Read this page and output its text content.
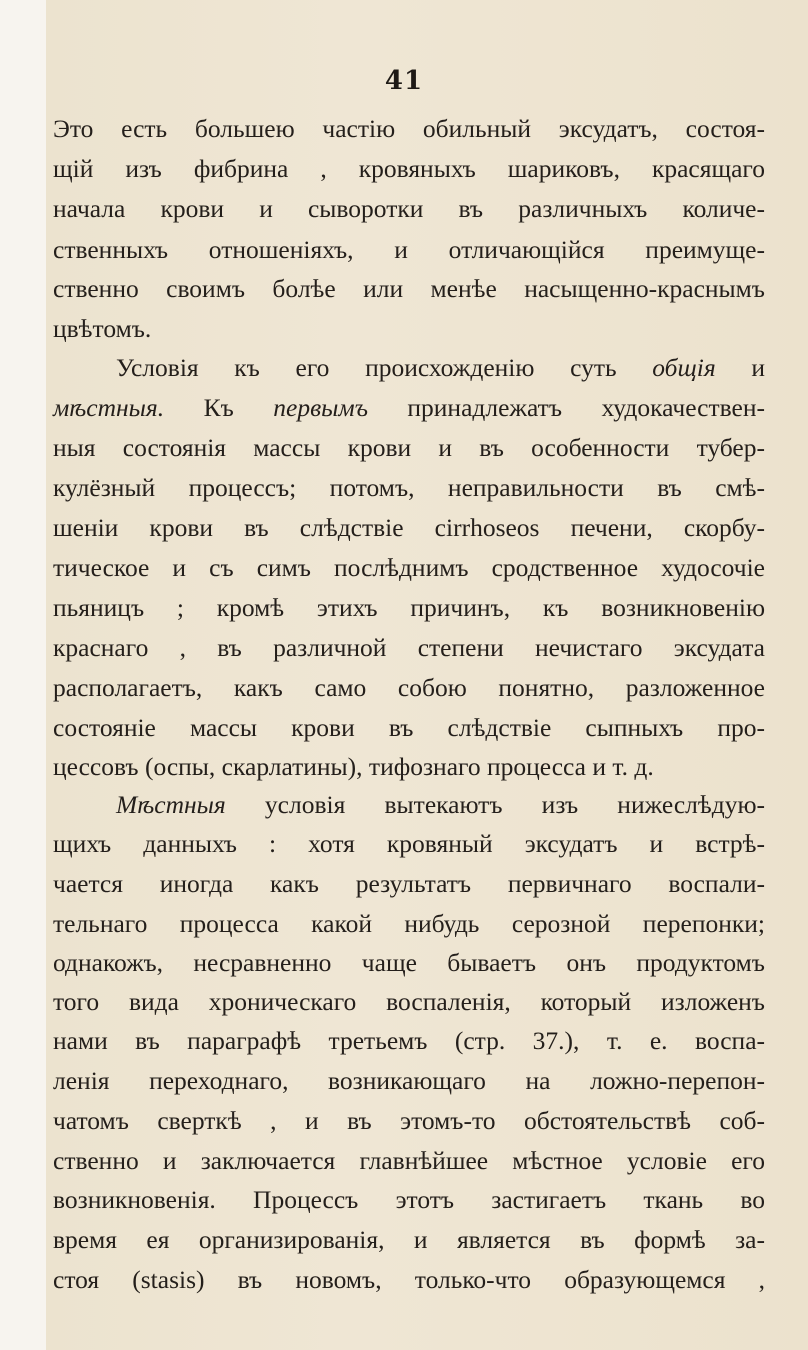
41
Это есть большею частію обильный эксудатъ, состоя-
щій изъ фибрина , кровяныхъ шариковъ, красящаго
начала крови и сыворотки въ различныхъ количе-
ственныхъ отношеніяхъ, и отличающійся преимуще-
ственно своимъ болѣе или менѣе насыщенно-краснымъ
цвѣтомъ.
Условія къ его происхожденію суть общія и
мѣстныя. Къ первымъ принадлежатъ худокачествен-
ныя состоянія массы крови и въ особенности тубер-
кулёзный процессъ; потомъ, неправильности въ смѣ-
шеніи крови въ слѣдствіе cirrhoseos печени, скорбу-
тическое и съ симъ послѣднимъ сродственное худосочіе
пьяницъ ; кромѣ этихъ причинъ, къ возникновенію
краснаго , въ различной степени нечистаго эксудата
располагаетъ, какъ само собою понятно, разложенное
состояніе массы крови въ слѣдствіе сыпныхъ про-
цессовъ (оспы, скарлатины), тифознаго процесса и т. д.
Мѣстныя условія вытекаютъ изъ нижеслѣдую-
щихъ данныхъ : хотя кровяный эксудатъ и встрѣ-
чается иногда какъ результатъ первичнаго воспали-
тельнаго процесса какой нибудь серозной перепонки;
однакожъ, несравненно чаще бываетъ онъ продуктомъ
того вида хроническаго воспаленія, который изложенъ
нами въ параграфѣ третьемъ (стр. 37.), т. е. воспа-
ленія переходнаго, возникающаго на ложно-перепон-
чатомъ сверткѣ , и въ этомъ-то обстоятельствѣ соб-
ственно и заключается главнѣйшее мѣстное условіе его
возникновенія. Процессъ этотъ застигаетъ ткань во
время ея организированія, и является въ формѣ за-
стоя (stasis) въ новомъ, только-что образующемся ,
